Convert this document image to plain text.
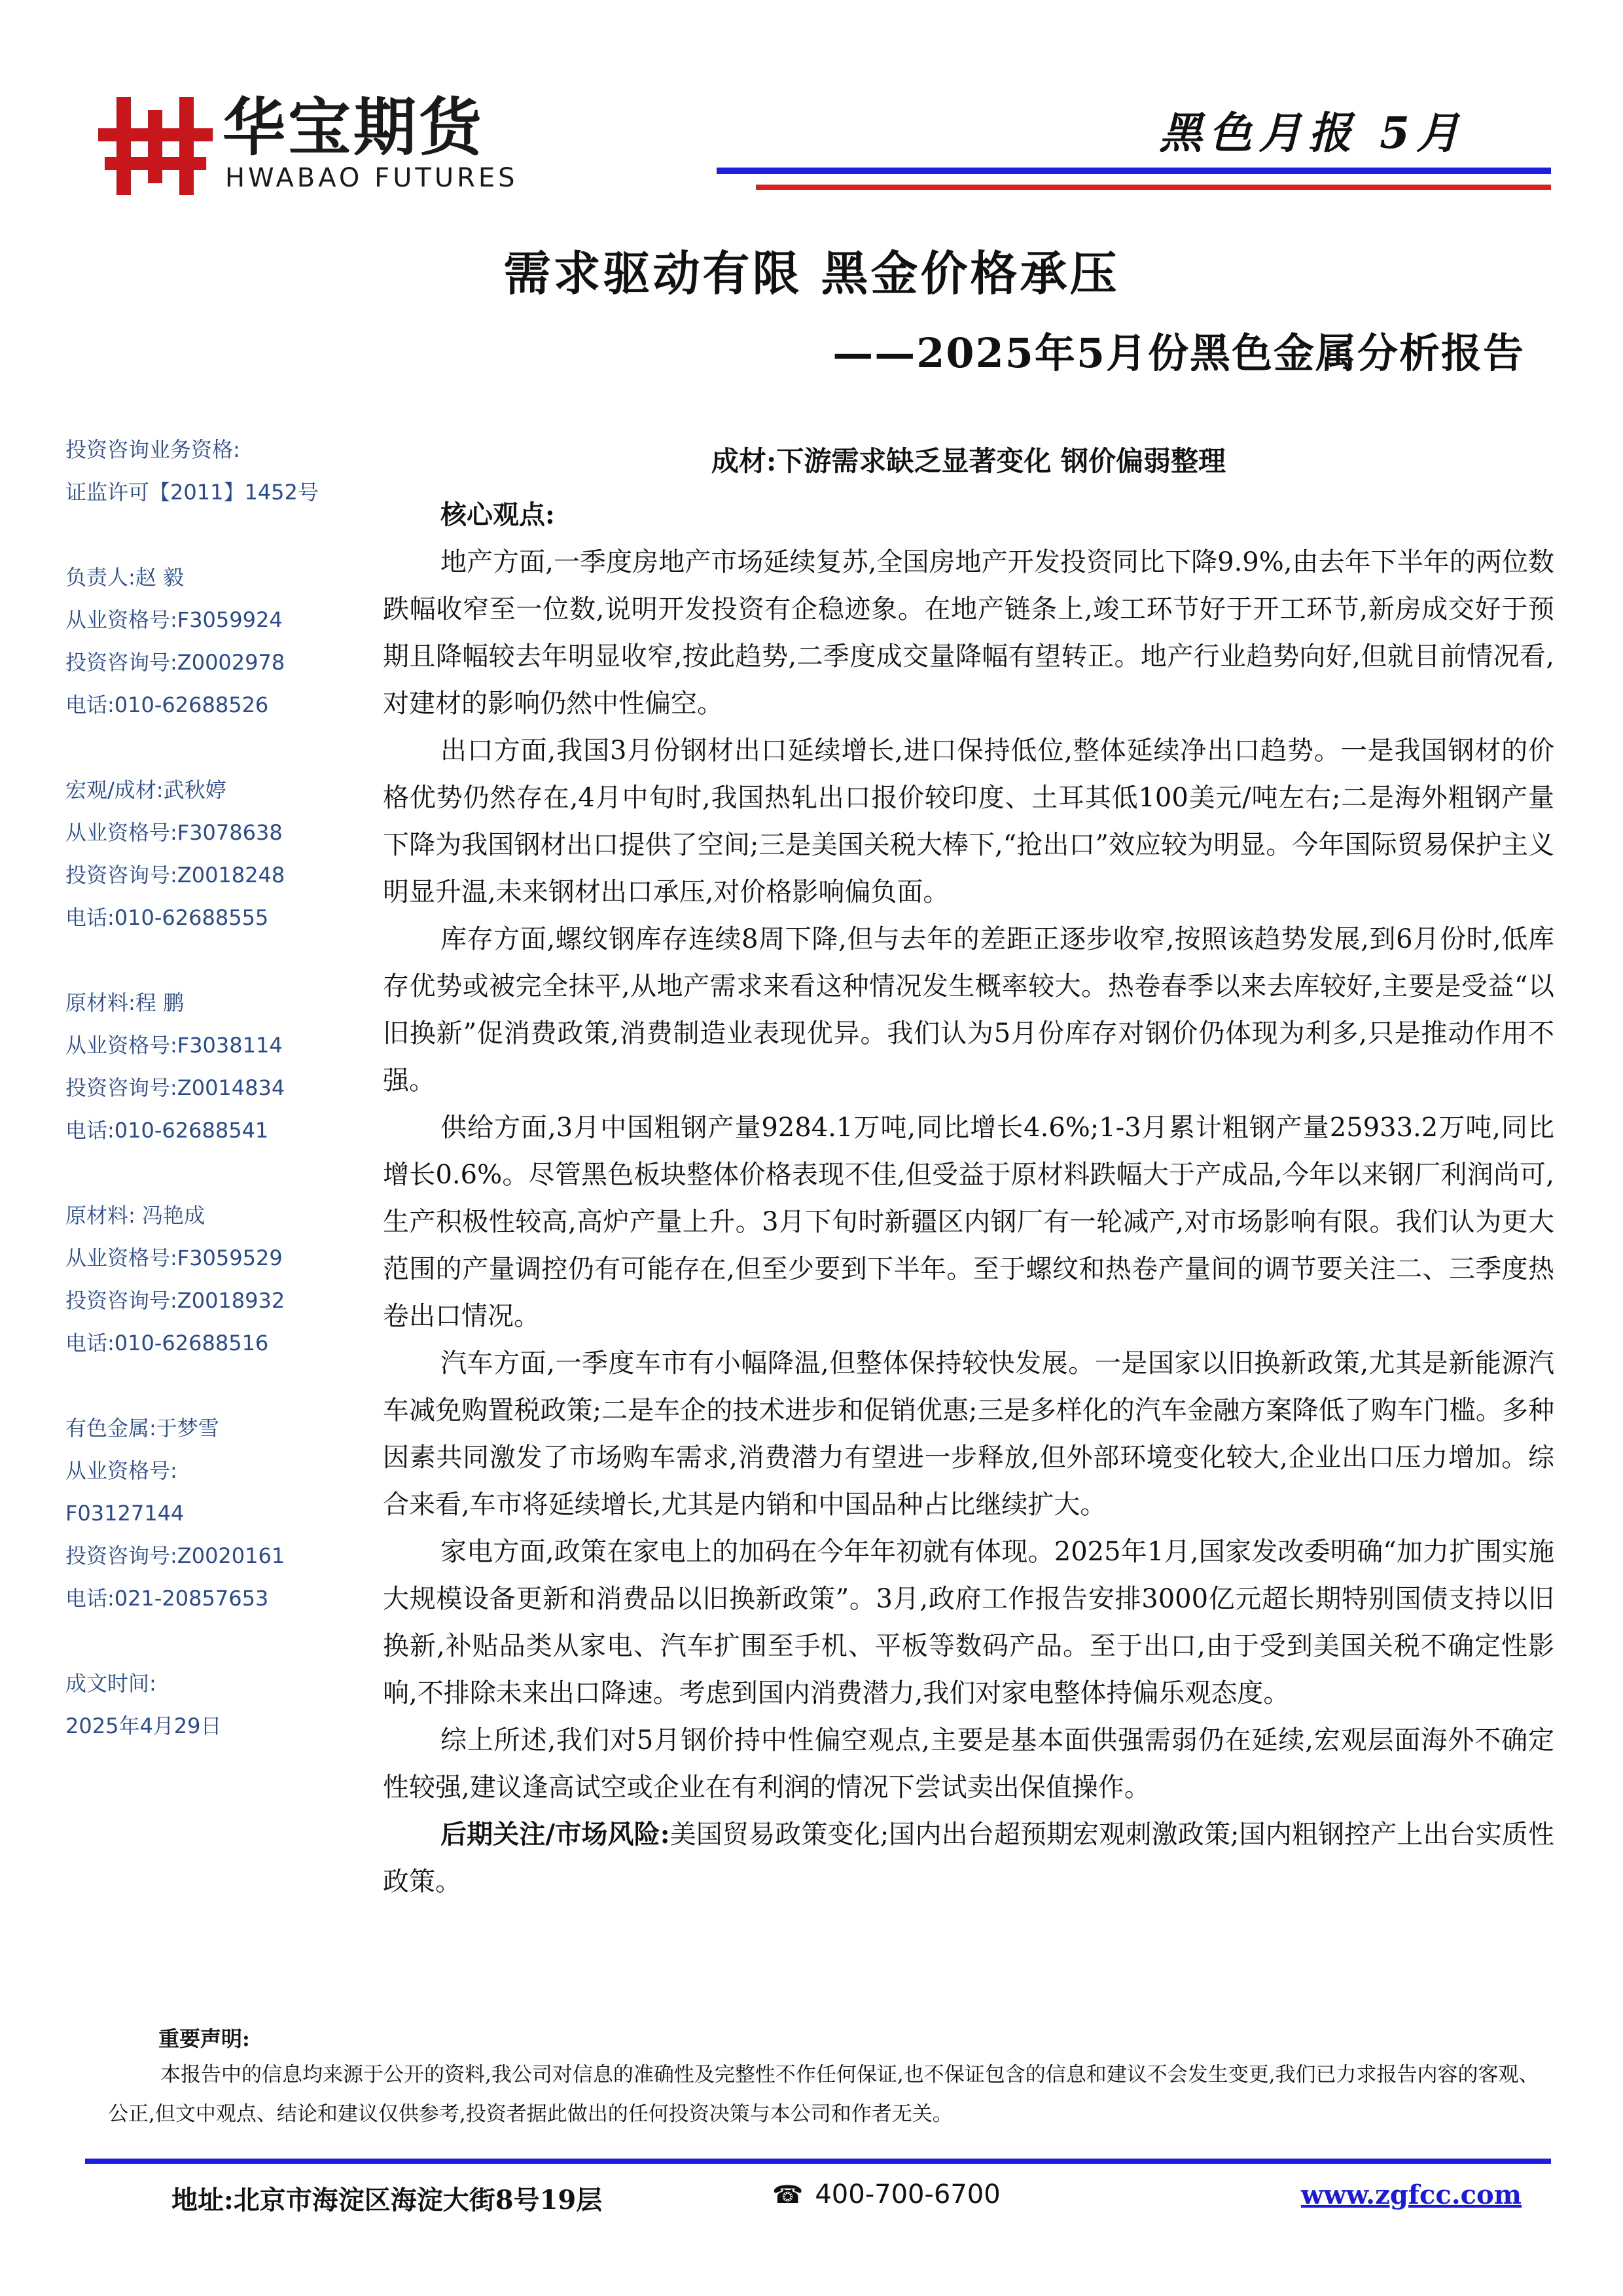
华宝期货
HWABAO FUTURES
黑色月报 5月
需求驱动有限 黑金价格承压
——2025年5月份黑色金属分析报告
投资咨询业务资格:
证监许可【2011】1452号
负责人:赵 毅
从业资格号:F3059924
投资咨询号:Z0002978
电话:010-62688526
宏观/成材:武秋婷
从业资格号:F3078638
投资咨询号:Z0018248
电话:010-62688555
原材料:程 鹏
从业资格号:F3038114
投资咨询号:Z0014834
电话:010-62688541
原材料: 冯艳成
从业资格号:F3059529
投资咨询号:Z0018932
电话:010-62688516
有色金属:于梦雪
从业资格号:
F03127144
投资咨询号:Z0020161
电话:021-20857653
成文时间:
2025年4月29日
成材:下游需求缺乏显著变化 钢价偏弱整理
核心观点:

地产方面,一季度房地产市场延续复苏,全国房地产开发投资同比下降9.9%,由去年下半年的两位数跌幅收窄至一位数,说明开发投资有企稳迹象。在地产链条上,竣工环节好于开工环节,新房成交好于预期且降幅较去年明显收窄,按此趋势,二季度成交量降幅有望转正。地产行业趋势向好,但就目前情况看,对建材的影响仍然中性偏空。

出口方面,我国3月份钢材出口延续增长,进口保持低位,整体延续净出口趋势。一是我国钢材的价格优势仍然存在,4月中旬时,我国热轧出口报价较印度、土耳其低100美元/吨左右;二是海外粗钢产量下降为我国钢材出口提供了空间;三是美国关税大棒下,“抢出口”效应较为明显。今年国际贸易保护主义明显升温,未来钢材出口承压,对价格影响偏负面。

库存方面,螺纹钢库存连续8周下降,但与去年的差距正逐步收窄,按照该趋势发展,到6月份时,低库存优势或被完全抹平,从地产需求来看这种情况发生概率较大。热卷春季以来去库较好,主要是受益“以旧换新”促消费政策,消费制造业表现优异。我们认为5月份库存对钢价仍体现为利多,只是推动作用不强。

供给方面,3月中国粗钢产量9284.1万吨,同比增长4.6%;1-3月累计粗钢产量25933.2万吨,同比增长0.6%。尽管黑色板块整体价格表现不佳,但受益于原材料跌幅大于产成品,今年以来钢厂利润尚可,生产积极性较高,高炉产量上升。3月下旬时新疆区内钢厂有一轮减产,对市场影响有限。我们认为更大范围的产量调控仍有可能存在,但至少要到下半年。至于螺纹和热卷产量间的调节要关注二、三季度热卷出口情况。

汽车方面,一季度车市有小幅降温,但整体保持较快发展。一是国家以旧换新政策,尤其是新能源汽车减免购置税政策;二是车企的技术进步和促销优惠;三是多样化的汽车金融方案降低了购车门槛。多种因素共同激发了市场购车需求,消费潜力有望进一步释放,但外部环境变化较大,企业出口压力增加。综合来看,车市将延续增长,尤其是内销和中国品种占比继续扩大。

家电方面,政策在家电上的加码在今年年初就有体现。2025年1月,国家发改委明确“加力扩围实施大规模设备更新和消费品以旧换新政策”。3月,政府工作报告安排3000亿元超长期特别国债支持以旧换新,补贴品类从家电、汽车扩围至手机、平板等数码产品。至于出口,由于受到美国关税不确定性影响,不排除未来出口降速。考虑到国内消费潜力,我们对家电整体持偏乐观态度。

综上所述,我们对5月钢价持中性偏空观点,主要是基本面供强需弱仍在延续,宏观层面海外不确定性较强,建议逢高试空或企业在有利润的情况下尝试卖出保值操作。

后期关注/市场风险:美国贸易政策变化;国内出台超预期宏观刺激政策;国内粗钢控产上出台实质性政策。

重要声明:

本报告中的信息均来源于公开的资料,我公司对信息的准确性及完整性不作任何保证,也不保证包含的信息和建议不会发生变更,我们已力求报告内容的客观、公正,但文中观点、结论和建议仅供参考,投资者据此做出的任何投资决策与本公司和作者无关。

地址:北京市海淀区海淀大街8号19层	☎ 400-700-6700	www.zgfcc.com
